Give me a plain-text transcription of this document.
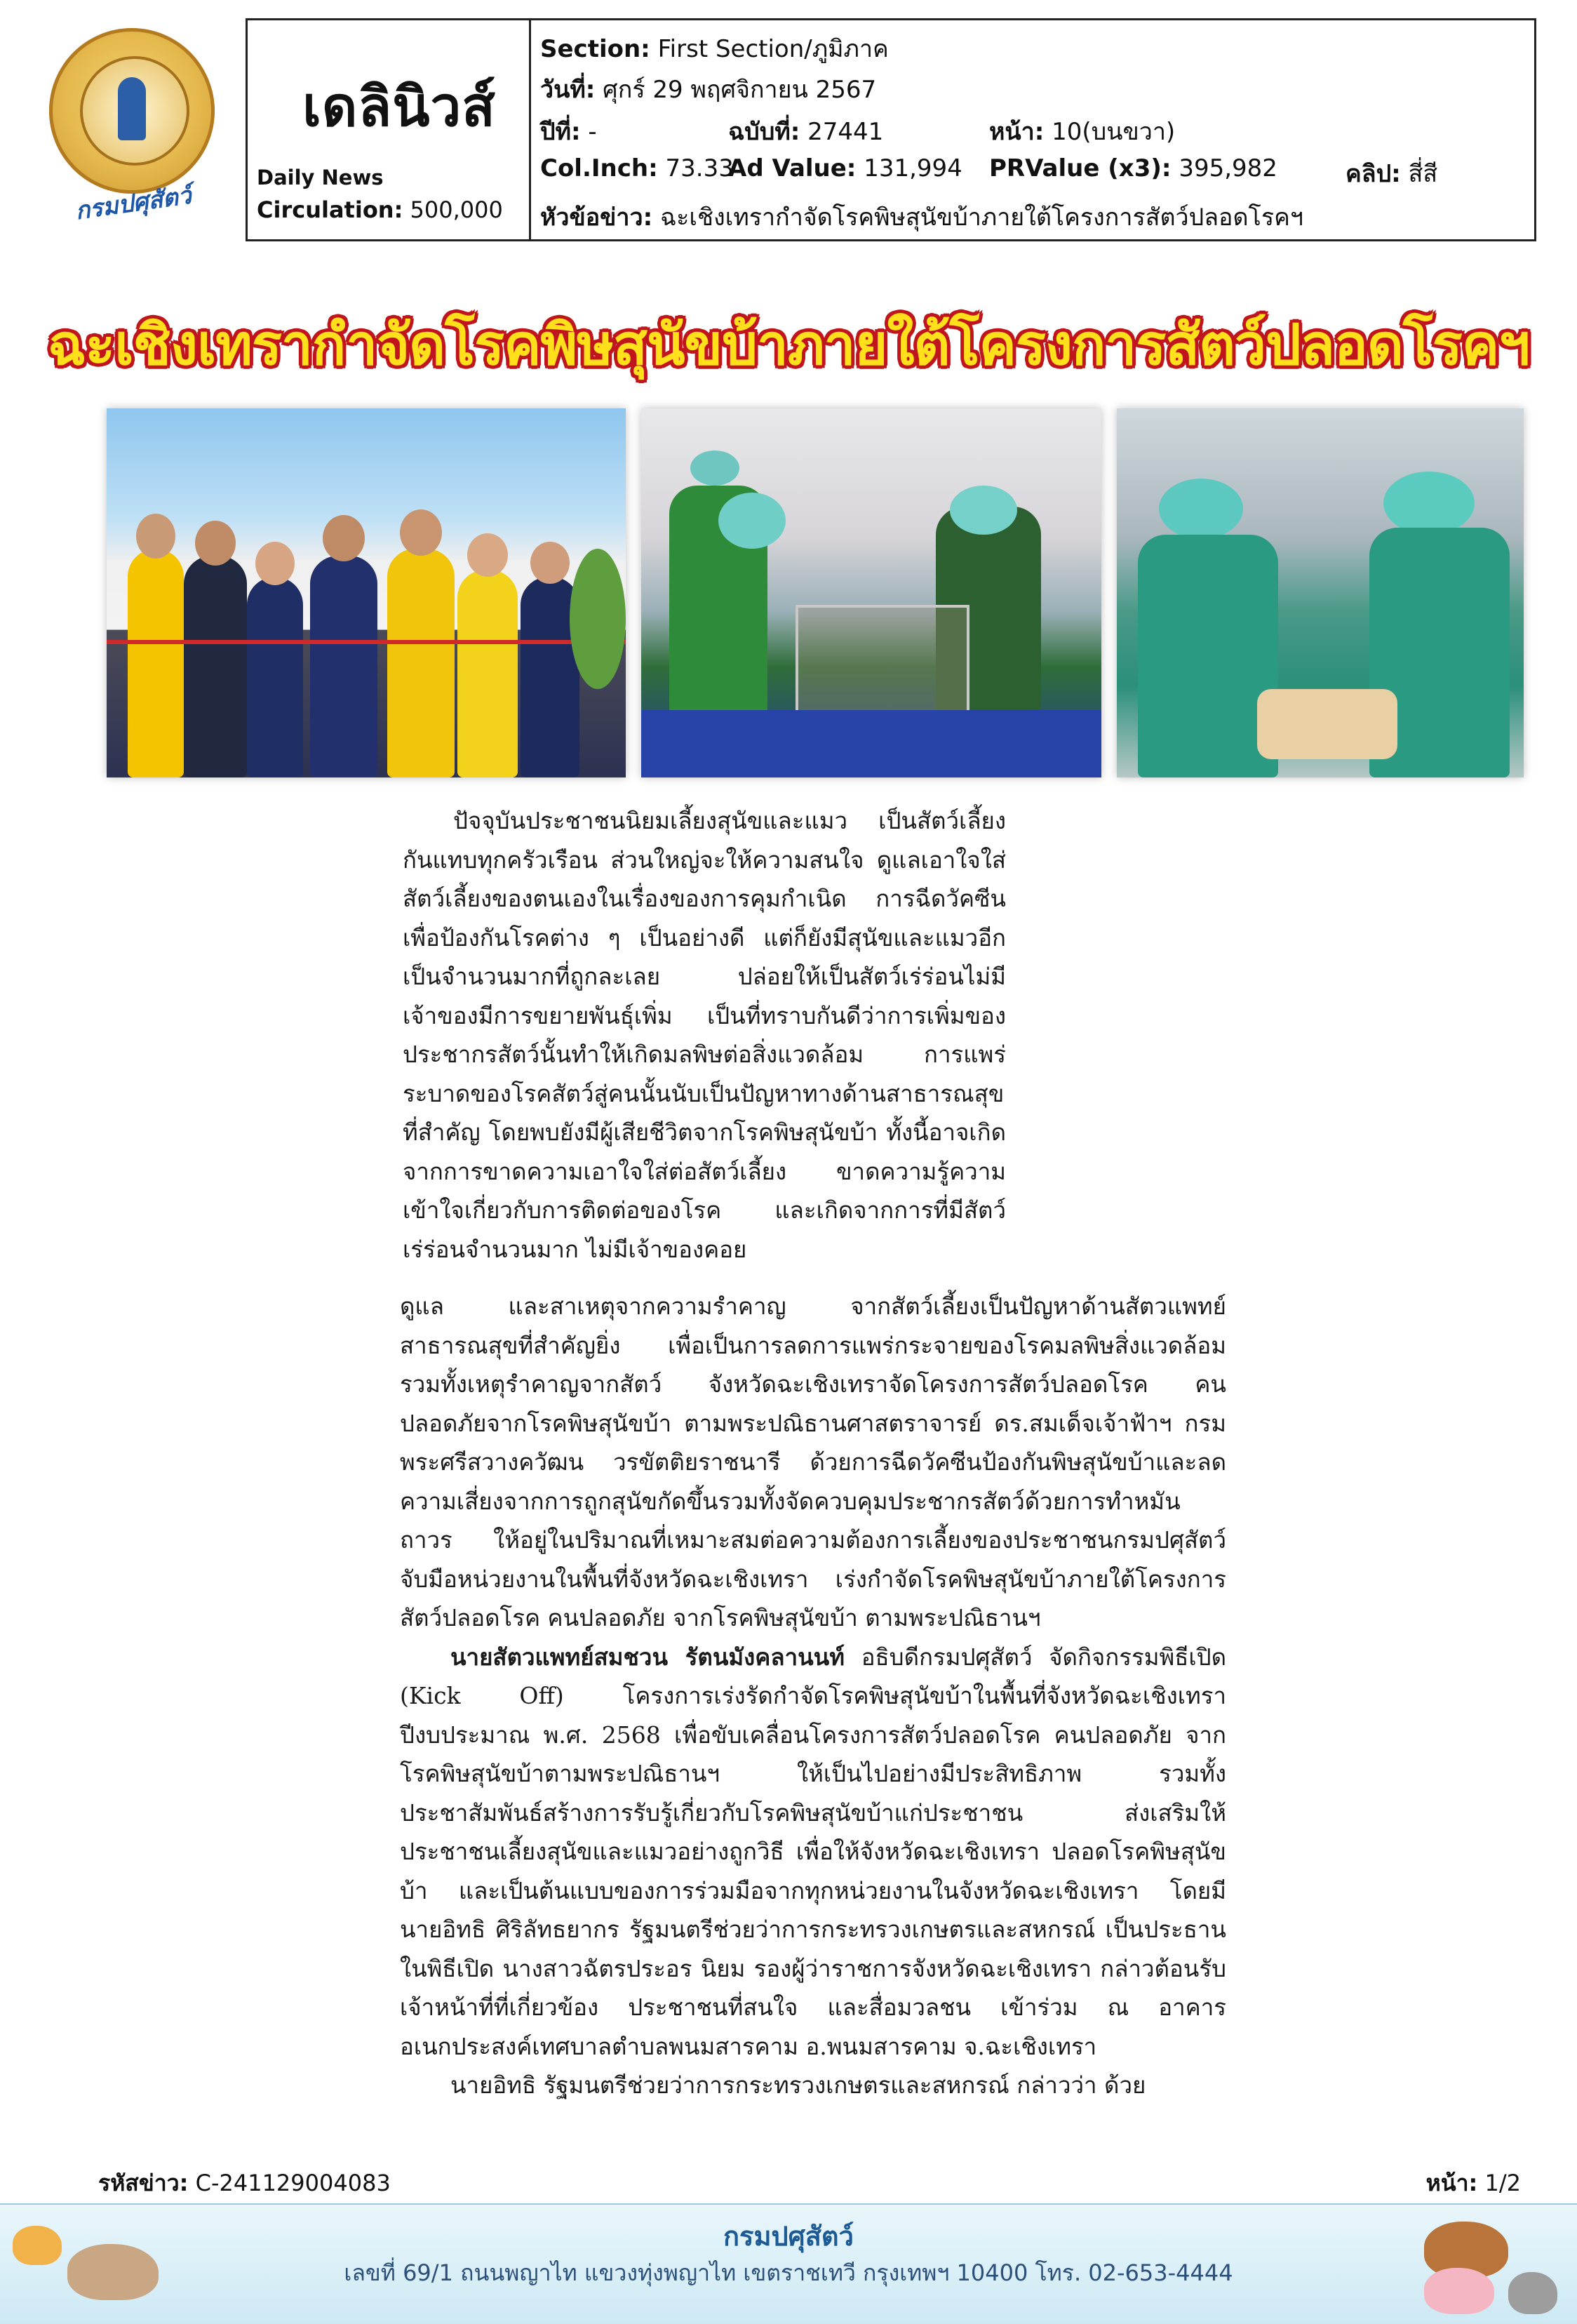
กรมปศุสัตว์
เดลินิวส์
Daily News
Circulation: 500,000
Section: First Section/ภูมิภาค
วันที่: ศุกร์ 29 พฤศจิกายน 2567
ปีที่: -	ฉบับที่: 27441	หน้า: 10(บนขวา)
Col.Inch: 73.33
Ad Value: 131,994 PRValue (x3): 395,982	คลิป: สี่สี
หัวข้อข่าว: ฉะเชิงเทรากำจัดโรคพิษสุนัขบ้าภายใต้โครงการสัตว์ปลอดโรคฯ
ฉะเชิงเทรากำจัดโรคพิษสุนัขบ้าภายใต้โครงการสัตว์ปลอดโรคฯ

ปัจจุบันประชาชนนิยมเลี้ยงสุนัขและแมว เป็นสัตว์เลี้ยงกันแทบทุกครัวเรือน ส่วนใหญ่จะให้ความสนใจ ดูแลเอาใจใส่สัตว์เลี้ยงของตนเองในเรื่องของการคุมกำเนิด การฉีดวัคซีน เพื่อป้องกันโรคต่าง ๆ เป็นอย่างดี แต่ก็ยังมีสุนัขและแมวอีกเป็นจำนวนมากที่ถูกละเลย ปล่อยให้เป็นสัตว์เร่ร่อนไม่มีเจ้าของมีการขยายพันธุ์เพิ่ม เป็นที่ทราบกันดีว่าการเพิ่มของประชากรสัตว์นั้นทำให้เกิดมลพิษต่อสิ่งแวดล้อม การแพร่ระบาดของโรคสัตว์สู่คนนั้นนับเป็นปัญหาทางด้านสาธารณสุขที่สำคัญ โดยพบยังมีผู้เสียชีวิตจากโรคพิษสุนัขบ้า ทั้งนี้อาจเกิดจากการขาดความเอาใจใส่ต่อสัตว์เลี้ยง ขาดความรู้ความเข้าใจเกี่ยวกับการติดต่อของโรค และเกิดจากการที่มีสัตว์เร่ร่อนจำนวนมาก ไม่มีเจ้าของคอย

ดูแล และสาเหตุจากความรำคาญ จากสัตว์เลี้ยงเป็นปัญหาด้านสัตวแพทย์สาธารณสุขที่สำคัญยิ่ง เพื่อเป็นการลดการแพร่กระจายของโรคมลพิษสิ่งแวดล้อม รวมทั้งเหตุรำคาญจากสัตว์ จังหวัดฉะเชิงเทราจัดโครงการสัตว์ปลอดโรค คนปลอดภัยจากโรคพิษสุนัขบ้า ตามพระปณิธานศาสตราจารย์ ดร.สมเด็จเจ้าฟ้าฯ กรมพระศรีสวางควัฒน วรขัตติยราชนารี ด้วยการฉีดวัคซีนป้องกันพิษสุนัขบ้าและลดความเสี่ยงจากการถูกสุนัขกัดขึ้นรวมทั้งจัดควบคุมประชากรสัตว์ด้วยการทำหมันถาวร ให้อยู่ในปริมาณที่เหมาะสมต่อความต้องการเลี้ยงของประชาชนกรมปศุสัตว์ จับมือหน่วยงานในพื้นที่จังหวัดฉะเชิงเทรา เร่งกำจัดโรคพิษสุนัขบ้าภายใต้โครงการสัตว์ปลอดโรค คนปลอดภัย จากโรคพิษสุนัขบ้า ตามพระปณิธานฯ

นายสัตวแพทย์สมชวน รัตนมังคลานนท์ อธิบดีกรมปศุสัตว์ จัดกิจกรรมพิธีเปิด (Kick Off) โครงการเร่งรัดกำจัดโรคพิษสุนัขบ้าในพื้นที่จังหวัดฉะเชิงเทรา ปีงบประมาณ พ.ศ. 2568 เพื่อขับเคลื่อนโครงการสัตว์ปลอดโรค คนปลอดภัย จากโรคพิษสุนัขบ้าตามพระปณิธานฯ ให้เป็นไปอย่างมีประสิทธิภาพ รวมทั้งประชาสัมพันธ์สร้างการรับรู้เกี่ยวกับโรคพิษสุนัขบ้าแก่ประชาชน ส่งเสริมให้ประชาชนเลี้ยงสุนัขและแมวอย่างถูกวิธี เพื่อให้จังหวัดฉะเชิงเทรา ปลอดโรคพิษสุนัขบ้า และเป็นต้นแบบของการร่วมมือจากทุกหน่วยงานในจังหวัดฉะเชิงเทรา โดยมี นายอิทธิ ศิริลัทธยากร รัฐมนตรีช่วยว่าการกระทรวงเกษตรและสหกรณ์ เป็นประธานในพิธีเปิด นางสาวฉัตรประอร นิยม รองผู้ว่าราชการจังหวัดฉะเชิงเทรา กล่าวต้อนรับ เจ้าหน้าที่ที่เกี่ยวข้อง ประชาชนที่สนใจ และสื่อมวลชน เข้าร่วม ณ อาคารอเนกประสงค์เทศบาลตำบลพนมสารคาม อ.พนมสารคาม จ.ฉะเชิงเทรา

นายอิทธิ รัฐมนตรีช่วยว่าการกระทรวงเกษตรและสหกรณ์ กล่าวว่า ด้วย

รหัสข่าว: C-241129004083	หน้า: 1/2
กรมปศุสัตว์
เลขที่ 69/1 ถนนพญาไท แขวงทุ่งพญาไท เขตราชเทวี กรุงเทพฯ 10400 โทร. 02-653-4444
